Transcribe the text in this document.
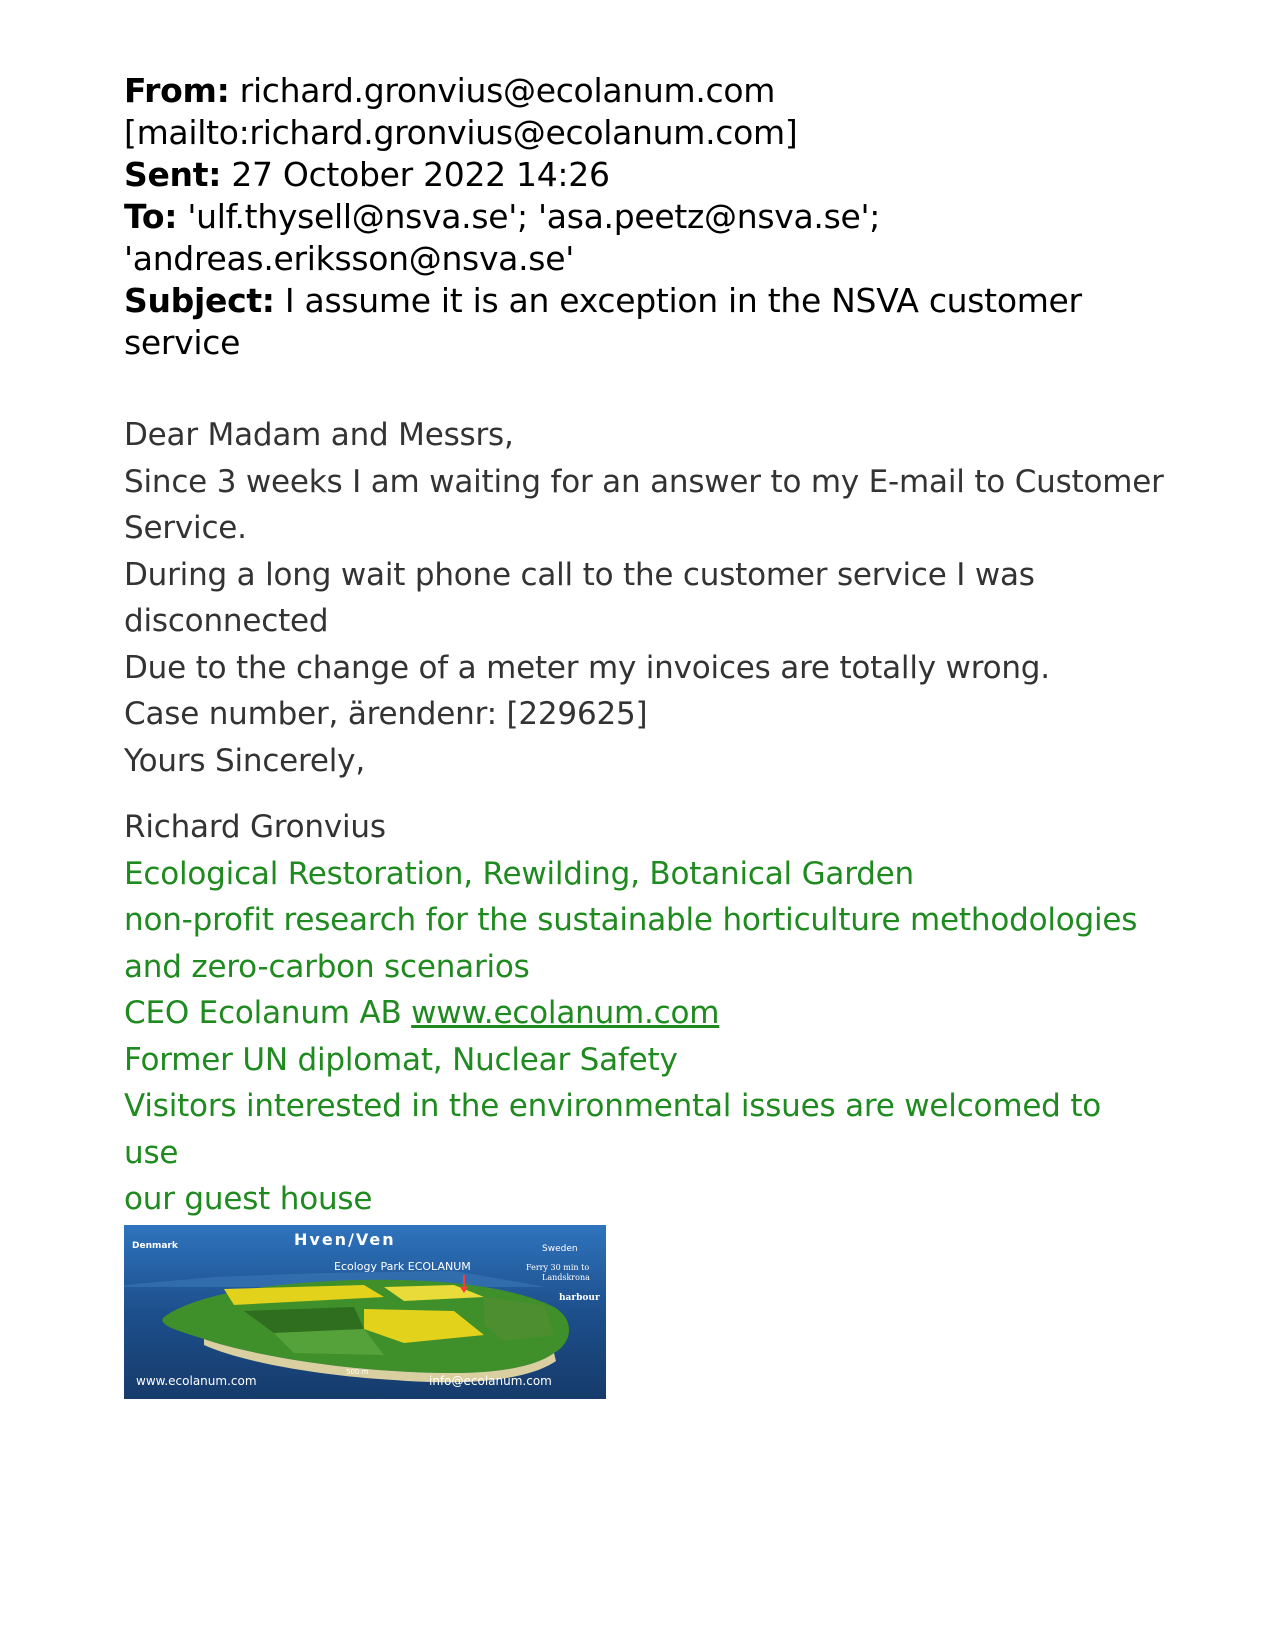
From: richard.gronvius@ecolanum.com
[mailto:richard.gronvius@ecolanum.com]
Sent: 27 October 2022 14:26
To: 'ulf.thysell@nsva.se'; 'asa.peetz@nsva.se';
'andreas.eriksson@nsva.se'
Subject: I assume it is an exception in the NSVA customer
service
Dear Madam and Messrs,
Since 3 weeks I am waiting for an answer to my E-mail to Customer
Service.
During a long wait phone call to the customer service I was
disconnected
Due to the change of a meter my invoices are totally wrong.
Case number, ärendenr: [229625]
Yours Sincerely,
Richard Gronvius
Ecological Restoration, Rewilding, Botanical Garden
non-profit research for the sustainable horticulture methodologies
and zero-carbon scenarios
CEO Ecolanum AB www.ecolanum.com
Former UN diplomat, Nuclear Safety
Visitors interested in the environmental issues are welcomed to use
our guest house
Hven/Ven
Denmark	Sweden
Ecology Park ECOLANUM	Ferry 30 min to
Landskrona
harbour
500 m
www.ecolanum.com	info@ecolanum.com
